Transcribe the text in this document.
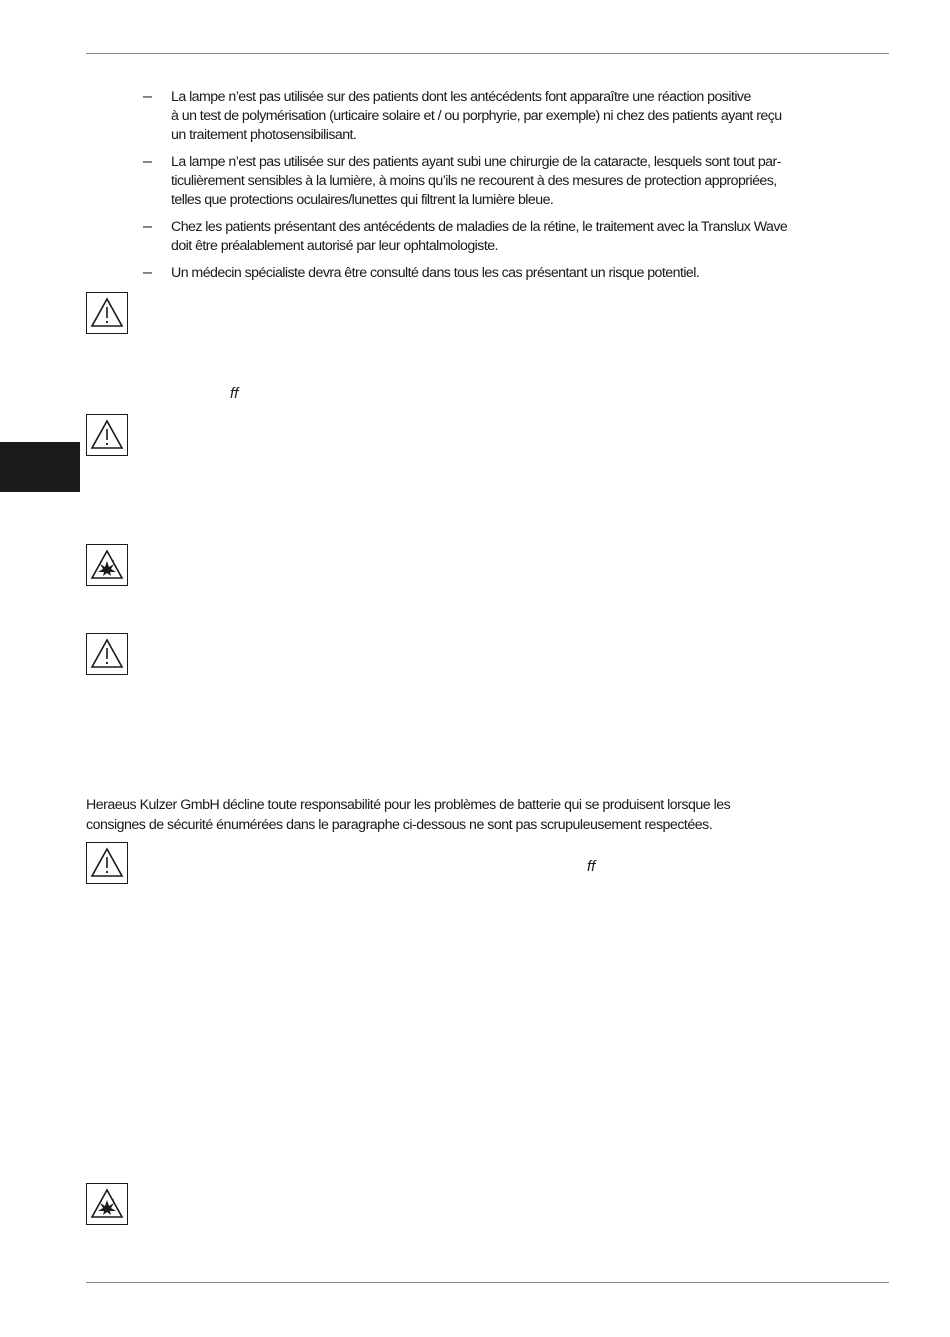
– La lampe n’est pas utilisée sur des patients dont les antécédents font apparaître une réaction positive
à un test de polymérisation (urticaire solaire et / ou porphyrie, par exemple) ni chez des patients ayant reçu
un traitement photosensibilisant.
– La lampe n’est pas utilisée sur des patients ayant subi une chirurgie de la cataracte, lesquels sont tout par-
ticulièrement sensibles à la lumière, à moins qu’ils ne recourent à des mesures de protection appropriées,
telles que protections oculaires/lunettes qui filtrent la lumière bleue.
– Chez les patients présentant des antécédents de maladies de la rétine, le traitement avec la Translux Wave
doit être préalablement autorisé par leur ophtalmologiste.
– Un médecin spécialiste devra être consulté dans tous les cas présentant un risque potentiel.
ff

Heraeus Kulzer GmbH décline toute responsabilité pour les problèmes de batterie qui se produisent lorsque les
consignes de sécurité énumérées dans le paragraphe ci-dessous ne sont pas scrupuleusement respectées.

ff
